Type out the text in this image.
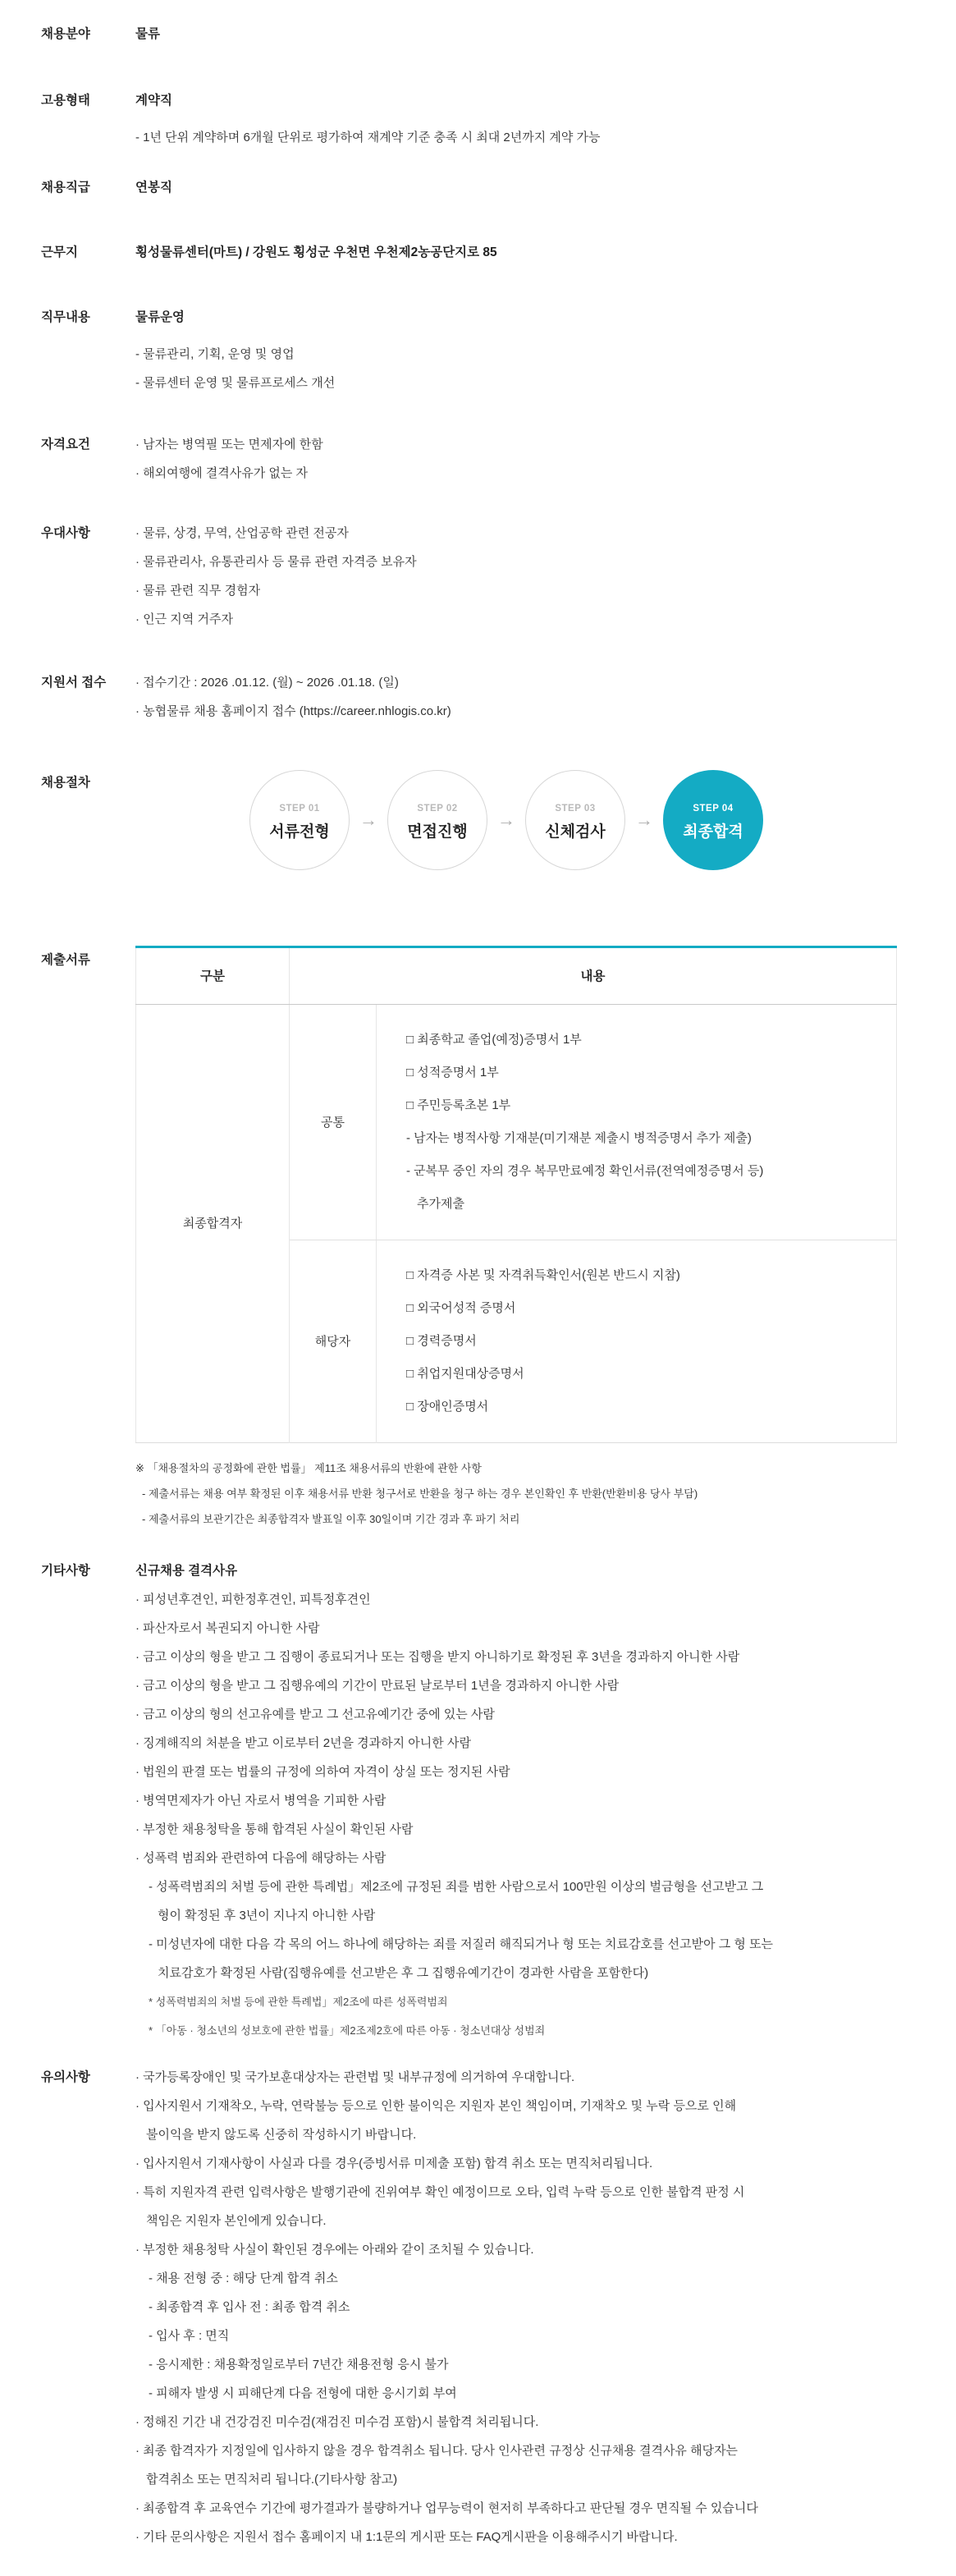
채용분야	물류
고용형태	계약직
- 1년 단위 계약하며 6개월 단위로 평가하여 재계약 기준 충족 시 최대 2년까지 계약 가능
채용직급	연봉직
근무지	횡성물류센터(마트) / 강원도 횡성군 우천면 우천제2농공단지로 85
직무내용	물류운영
- 물류관리, 기획, 운영 및 영업
- 물류센터 운영 및 물류프로세스 개선
자격요건	· 남자는 병역필 또는 면제자에 한함
· 해외여행에 결격사유가 없는 자
우대사항	· 물류, 상경, 무역, 산업공학 관련 전공자
· 물류관리사, 유통관리사 등 물류 관련 자격증 보유자
· 물류 관련 직무 경험자
· 인근 지역 거주자
지원서 접수	· 접수기간 : 2026 .01.12. (월) ~ 2026 .01.18. (일)
· 농협물류 채용 홈페이지 접수 (https://career.nhlogis.co.kr)
채용절차
STEP 01
서류전형
→
STEP 02
면접진행
→
STEP 03
신체검사
→
STEP 04
최종합격
제출서류
구분	내용	
최종합격자	공통	
□ 최종학교 졸업(예정)증명서 1부
□ 성적증명서 1부
□ 주민등록초본 1부
- 남자는 병적사항 기재분(미기재분 제출시 병적증명서 추가 제출)
- 군복무 중인 자의 경우 복무만료예정 확인서류(전역예정증명서 등)
추가제출

	해당자	□ 자격증 사본 및 자격취득확인서(원본 반드시 지참)
□ 외국어성적 증명서
□ 경력증명서
□ 취업지원대상증명서
□ 장애인증명서
※ 「채용절차의 공정화에 관한 법률」 제11조 채용서류의 반환에 관한 사항
- 제출서류는 채용 여부 확정된 이후 채용서류 반환 청구서로 반환을 청구 하는 경우 본인확인 후 반환(반환비용 당사 부담)
- 제출서류의 보관기간은 최종합격자 발표일 이후 30일이며 기간 경과 후 파기 처리
기타사항	신규채용 결격사유
· 피성년후견인, 피한정후견인, 피특정후견인
· 파산자로서 복권되지 아니한 사람
· 금고 이상의 형을 받고 그 집행이 종료되거나 또는 집행을 받지 아니하기로 확정된 후 3년을 경과하지 아니한 사람
· 금고 이상의 형을 받고 그 집행유예의 기간이 만료된 날로부터 1년을 경과하지 아니한 사람
· 금고 이상의 형의 선고유예를 받고 그 선고유예기간 중에 있는 사람
· 징계해직의 처분을 받고 이로부터 2년을 경과하지 아니한 사람
· 법원의 판결 또는 법률의 규정에 의하여 자격이 상실 또는 정지된 사람
· 병역면제자가 아닌 자로서 병역을 기피한 사람
· 부정한 채용청탁을 통해 합격된 사실이 확인된 사람
· 성폭력 범죄와 관련하여 다음에 해당하는 사람
- 성폭력범죄의 처벌 등에 관한 특례법」제2조에 규정된 죄를 범한 사람으로서 100만원 이상의 벌금형을 선고받고 그
형이 확정된 후 3년이 지나지 아니한 사람
- 미성년자에 대한 다음 각 목의 어느 하나에 해당하는 죄를 저질러 해직되거나 형 또는 치료감호를 선고받아 그 형 또는
치료감호가 확정된 사람(집행유예를 선고받은 후 그 집행유예기간이 경과한 사람을 포함한다)
* 성폭력범죄의 처벌 등에 관한 특례법」제2조에 따른 성폭력범죄
* 「아동 · 청소년의 성보호에 관한 법률」제2조제2호에 따른 아동 · 청소년대상 성범죄
유의사항	· 국가등록장애인 및 국가보훈대상자는 관련법 및 내부규정에 의거하여 우대합니다.
· 입사지원서 기재착오, 누락, 연락불능 등으로 인한 불이익은 지원자 본인 책임이며, 기재착오 및 누락 등으로 인해
불이익을 받지 않도록 신중히 작성하시기 바랍니다.
· 입사지원서 기재사항이 사실과 다를 경우(증빙서류 미제출 포함) 합격 취소 또는 면직처리됩니다.
· 특히 지원자격 관련 입력사항은 발행기관에 진위여부 확인 예정이므로 오타, 입력 누락 등으로 인한 불합격 판정 시
책임은 지원자 본인에게 있습니다.
· 부정한 채용청탁 사실이 확인된 경우에는 아래와 같이 조치될 수 있습니다.
- 채용 전형 중 : 해당 단계 합격 취소
- 최종합격 후 입사 전 : 최종 합격 취소
- 입사 후 : 면직
- 응시제한 : 채용확정일로부터 7년간 채용전형 응시 불가
- 피해자 발생 시 피해단계 다음 전형에 대한 응시기회 부여
· 정해진 기간 내 건강검진 미수검(재검진 미수검 포함)시 불합격 처리됩니다.
· 최종 합격자가 지정일에 입사하지 않을 경우 합격취소 됩니다. 당사 인사관련 규정상 신규채용 결격사유 해당자는
합격취소 또는 면직처리 됩니다.(기타사항 참고)
· 최종합격 후 교육연수 기간에 평가결과가 불량하거나 업무능력이 현저히 부족하다고 판단될 경우 면직될 수 있습니다
· 기타 문의사항은 지원서 접수 홈페이지 내 1:1문의 게시판 또는 FAQ게시판을 이용해주시기 바랍니다.
